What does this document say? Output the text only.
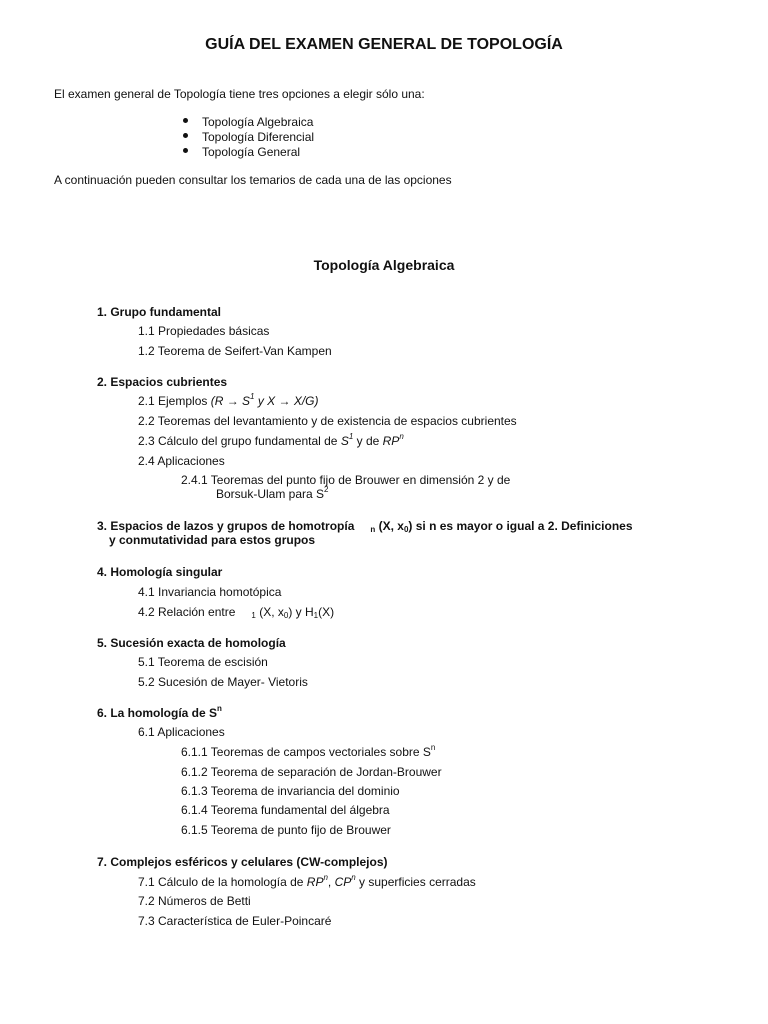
GUÍA DEL EXAMEN GENERAL DE TOPOLOGÍA
El examen general de Topología tiene tres opciones a elegir sólo una:
Topología Algebraica
Topología Diferencial
Topología General
A continuación pueden consultar los temarios de cada una de las opciones
Topología Algebraica
1. Grupo fundamental
1.1 Propiedades básicas
1.2 Teorema de Seifert-Van Kampen
2. Espacios cubrientes
2.1 Ejemplos ($R \to S^1$ y X → X/G)
2.2 Teoremas del levantamiento y de existencia de espacios cubrientes
2.3 Cálculo del grupo fundamental de $S^1$ y de $RP^n$
2.4 Aplicaciones
2.4.1 Teoremas del punto fijo de Brouwer en dimensión 2 y de
Borsuk-Ulam para $S^2$
3. Espacios de lazos y grupos de homotropía $_n$ (X, $x_0$) si n es mayor o igual a 2. Definiciones
y conmutatividad para estos grupos
4. Homología singular
4.1 Invariancia homotópica
4.2 Relación entre $_1$ (X, $x_0$) y $H_1(X)$
5. Sucesión exacta de homología
5.1 Teorema de escisión
5.2 Sucesión de Mayer- Vietoris
6. La homología de $S^n$
6.1 Aplicaciones
6.1.1 Teoremas de campos vectoriales sobre $S^n$
6.1.2 Teorema de separación de Jordan-Brouwer
6.1.3 Teorema de invariancia del dominio
6.1.4 Teorema fundamental del álgebra
6.1.5 Teorema de punto fijo de Brouwer
7. Complejos esféricos y celulares (CW-complejos)
7.1 Cálculo de la homología de $RP^n$, $CP^n$ y superficies cerradas
7.2 Números de Betti
7.3 Característica de Euler-Poincaré
